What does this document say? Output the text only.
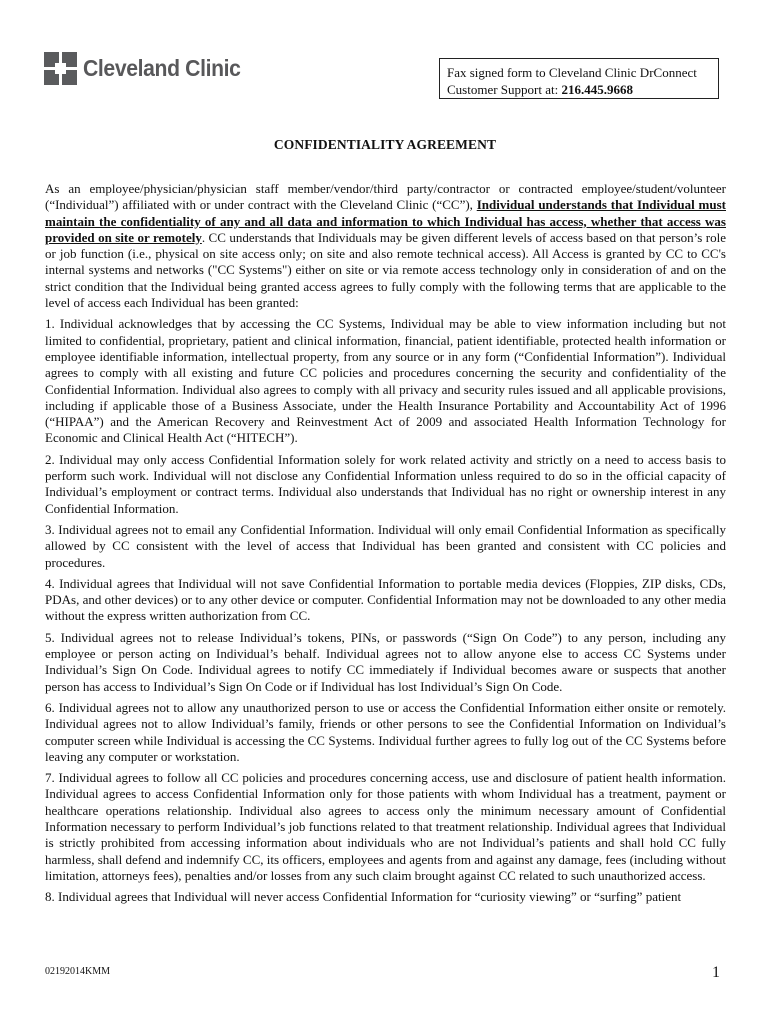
Cleveland Clinic	Fax signed form to Cleveland Clinic DrConnect
Customer Support at: 216.445.9668
CONFIDENTIALITY AGREEMENT

As an employee/physician/physician staff member/vendor/third party/contractor or contracted employee/student/volunteer (“Individual”) affiliated with or under contract with the Cleveland Clinic (“CC”), Individual understands that Individual must maintain the confidentiality of any and all data and information to which Individual has access, whether that access was provided on site or remotely. CC understands that Individuals may be given different levels of access based on that person’s role or job function (i.e., physical on site access only; on site and also remote technical access). All Access is granted by CC to CC's internal systems and networks ("CC Systems") either on site or via remote access technology only in consideration of and on the strict condition that the Individual being granted access agrees to fully comply with the following terms that are applicable to the level of access each Individual has been granted:

1. Individual acknowledges that by accessing the CC Systems, Individual may be able to view information including but not limited to confidential, proprietary, patient and clinical information, financial, patient identifiable, protected health information or employee identifiable information, intellectual property, from any source or in any form (“Confidential Information”). Individual agrees to comply with all existing and future CC policies and procedures concerning the security and confidentiality of the Confidential Information. Individual also agrees to comply with all privacy and security rules issued and all applicable provisions, including if applicable those of a Business Associate, under the Health Insurance Portability and Accountability Act of 1996 (“HIPAA”) and the American Recovery and Reinvestment Act of 2009 and associated Health Information Technology for Economic and Clinical Health Act (“HITECH”).

2. Individual may only access Confidential Information solely for work related activity and strictly on a need to access basis to perform such work. Individual will not disclose any Confidential Information unless required to do so in the official capacity of Individual’s employment or contract terms. Individual also understands that Individual has no right or ownership interest in any Confidential Information.

3. Individual agrees not to email any Confidential Information. Individual will only email Confidential Information as specifically allowed by CC consistent with the level of access that Individual has been granted and consistent with CC policies and procedures.

4. Individual agrees that Individual will not save Confidential Information to portable media devices (Floppies, ZIP disks, CDs, PDAs, and other devices) or to any other device or computer. Confidential Information may not be downloaded to any other media without the express written authorization from CC.

5. Individual agrees not to release Individual’s tokens, PINs, or passwords (“Sign On Code”) to any person, including any employee or person acting on Individual’s behalf. Individual agrees not to allow anyone else to access CC Systems under Individual’s Sign On Code. Individual agrees to notify CC immediately if Individual becomes aware or suspects that another person has access to Individual’s Sign On Code or if Individual has lost Individual’s Sign On Code.

6. Individual agrees not to allow any unauthorized person to use or access the Confidential Information either onsite or remotely. Individual agrees not to allow Individual’s family, friends or other persons to see the Confidential Information on Individual’s computer screen while Individual is accessing the CC Systems. Individual further agrees to fully log out of the CC Systems before leaving any computer or workstation.

7. Individual agrees to follow all CC policies and procedures concerning access, use and disclosure of patient health information. Individual agrees to access Confidential Information only for those patients with whom Individual has a treatment, payment or healthcare operations relationship. Individual also agrees to access only the minimum necessary amount of Confidential Information necessary to perform Individual’s job functions related to that treatment relationship. Individual agrees that Individual is strictly prohibited from accessing information about individuals who are not Individual’s patients and shall hold CC fully harmless, shall defend and indemnify CC, its officers, employees and agents from and against any damage, fees (including without limitation, attorneys fees), penalties and/or losses from any such claim brought against CC related to such unauthorized access.

8. Individual agrees that Individual will never access Confidential Information for “curiosity viewing” or “surfing” patient

02192014KMM	1
